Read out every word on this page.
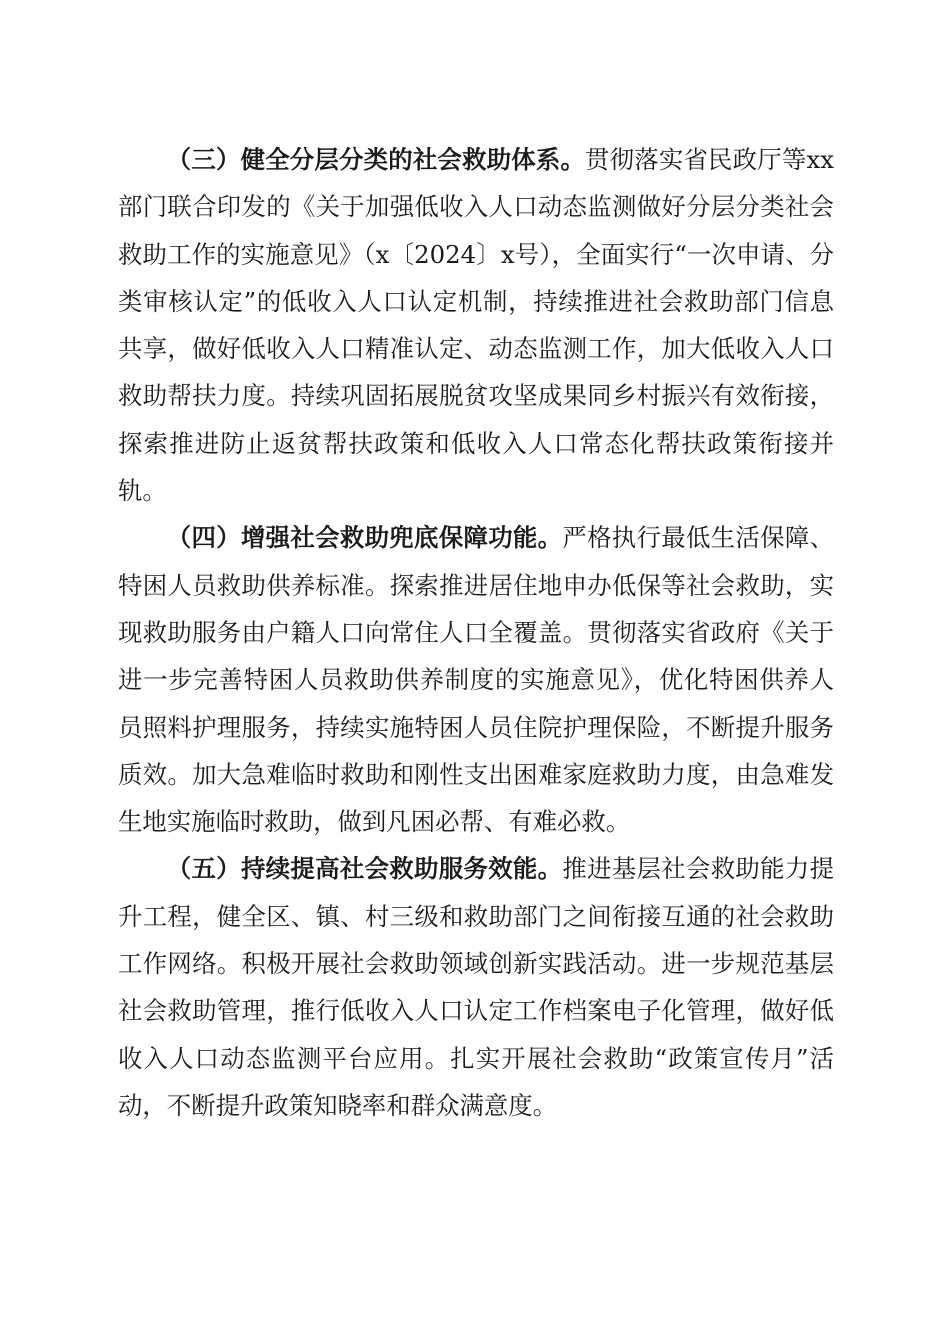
（三）健全分层分类的社会救助体系。贯彻落实省民政厅等xx部门联合印发的《关于加强低收入人口动态监测做好分层分类社会救助工作的实施意见》（x〔2024〕x号），全面实行“一次申请、分类审核认定”的低收入人口认定机制，持续推进社会救助部门信息共享，做好低收入人口精准认定、动态监测工作，加大低收入人口救助帮扶力度。持续巩固拓展脱贫攻坚成果同乡村振兴有效衔接，探索推进防止返贫帮扶政策和低收入人口常态化帮扶政策衔接并轨。

（四）增强社会救助兜底保障功能。严格执行最低生活保障、特困人员救助供养标准。探索推进居住地申办低保等社会救助，实现救助服务由户籍人口向常住人口全覆盖。贯彻落实省政府《关于进一步完善特困人员救助供养制度的实施意见》，优化特困供养人员照料护理服务，持续实施特困人员住院护理保险，不断提升服务质效。加大急难临时救助和刚性支出困难家庭救助力度，由急难发生地实施临时救助，做到凡困必帮、有难必救。

（五）持续提高社会救助服务效能。推进基层社会救助能力提升工程，健全区、镇、村三级和救助部门之间衔接互通的社会救助工作网络。积极开展社会救助领域创新实践活动。进一步规范基层社会救助管理，推行低收入人口认定工作档案电子化管理，做好低收入人口动态监测平台应用。扎实开展社会救助“政策宣传月”活动，不断提升政策知晓率和群众满意度。
